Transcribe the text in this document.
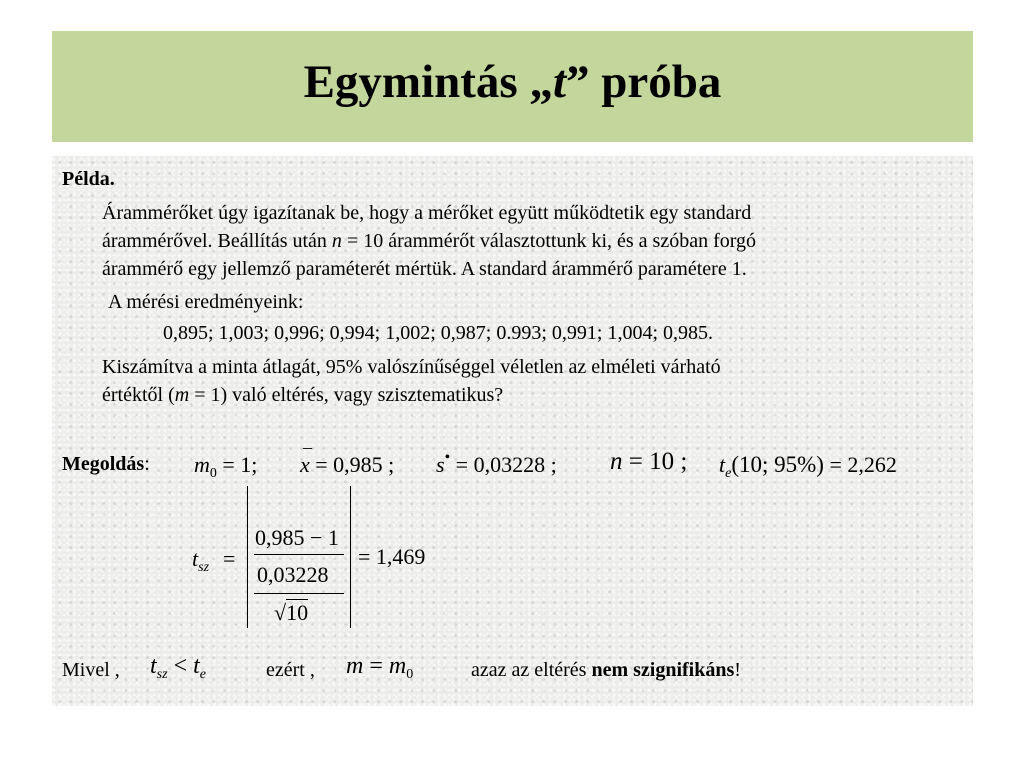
Egymintás „t” próba
Példa.
Árammérőket úgy igazítanak be, hogy a mérőket együtt működtetik egy standard
árammérővel. Beállítás után n = 10 árammérőt választottunk ki, és a szóban forgó
árammérő egy jellemző paraméterét mértük. A standard árammérő paramétere 1.
A mérési eredményeink:
0,895; 1,003; 0,996; 0,994; 1,002; 0,987; 0.993; 0,991; 1,004; 0,985.
Kiszámítva a minta átlagát, 95% valószínűséggel véletlen az elméleti várható
értéktől (m = 1) való eltérés, vagy szisztematikus?
Megoldás: $m_0 = 1$;
–
x = 0,985 ; s• = 0,03228 ; n = 10 ; $t_e(10$; 95%) = 2,262
$t_{sz}$ =
0,985 − 1
0,03228
√10
= 1,469
Mivel , $t_{sz} < t_e$	ezért , $m = m_0$	azaz az eltérés nem szignifikáns!
